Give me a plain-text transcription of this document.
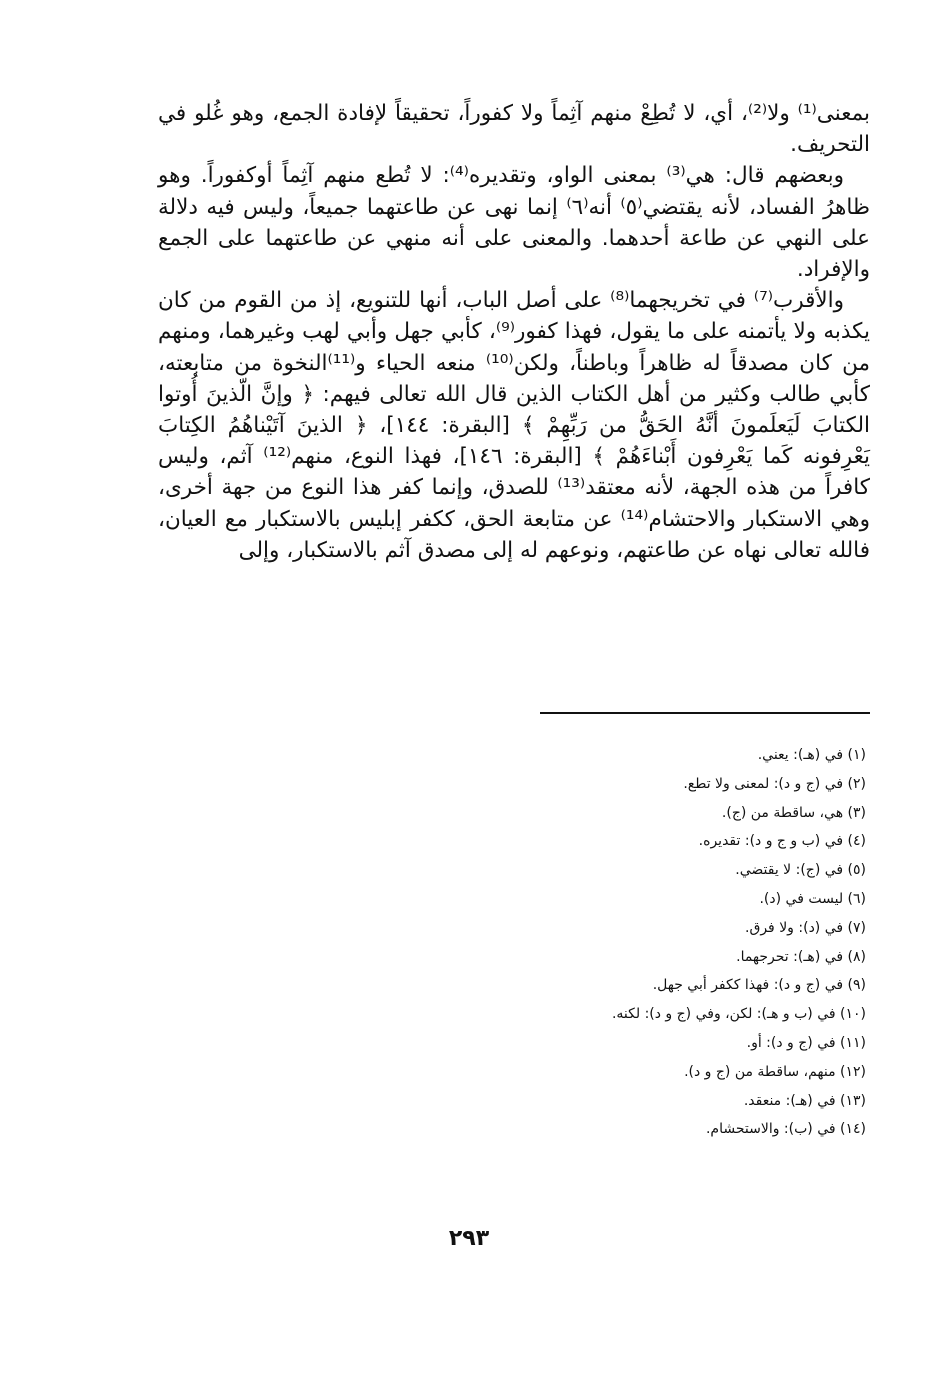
بمعنى⁽¹⁾ ولا⁽²⁾، أي، لا تُطِعْ منهم آثِماً ولا كفوراً، تحقيقاً لإفادة الجمع، وهو غُلو في التحريف.

وبعضهم قال: هي⁽³⁾ بمعنى الواو، وتقديره⁽⁴⁾: لا تُطع منهم آثِماً أوكفوراً. وهو ظاهرُ الفساد، لأنه يقتضي⁽٥⁾ أنه⁽٦⁾ إنما نهى عن طاعتهما جميعاً، وليس فيه دلالة على النهي عن طاعة أحدهما. والمعنى على أنه منهي عن طاعتهما على الجمع والإفراد.

والأقرب⁽⁷⁾ في تخريجهما⁽⁸⁾ على أصل الباب، أنها للتنويع، إذ من القوم من كان يكذبه ولا يأتمنه على ما يقول، فهذا كفور⁽⁹⁾، كأبي جهل وأبي لهب وغيرهما، ومنهم من كان مصدقاً له ظاهراً وباطناً، ولكن⁽¹⁰⁾ منعه الحياء و⁽¹¹⁾النخوة من متابعته، كأبي طالب وكثير من أهل الكتاب الذين قال الله تعالى فيهم: ﴿ وإنَّ الّذينَ أُوتوا الكتابَ لَيَعلَمونَ أنَّهُ الحَقُّ من رَبِّهِمْ ﴾ [البقرة: ١٤٤]، ﴿ الذينَ آتَيْناهُمُ الكِتابَ يَعْرِفونه كَما يَعْرِفون أَبْناءَهُمْ ﴾ [البقرة: ١٤٦]، فهذا النوع، منهم⁽¹²⁾ آثم، وليس كافراً من هذه الجهة، لأنه معتقد⁽¹³⁾ للصدق، وإنما كفر هذا النوع من جهة أخرى، وهي الاستكبار والاحتشام⁽¹⁴⁾ عن متابعة الحق، ككفر إبليس بالاستكبار مع العيان، فالله تعالى نهاه عن طاعتهم، ونوعهم له إلى مصدق آثم بالاستكبار، وإلى

(١) في (هـ): يعني.
(٢) في (ج و د): لمعنى ولا تطع.
(٣) هي، ساقطة من (ج).
(٤) في (ب و ج و د): تقديره.
(٥) في (ج): لا يقتضي.
(٦) ليست في (د).
(٧) في (د): ولا فرق.
(٨) في (هـ): تحرجهما.
(٩) في (ج و د): فهذا ككفر أبي جهل.
(١٠) في (ب و هـ): لكن، وفي (ج و د): لكنه.
(١١) في (ج و د): أو.
(١٢) منهم، ساقطة من (ج و د).
(١٣) في (هـ): منعقد.
(١٤) في (ب): والاستحشام.
٢٩٣
